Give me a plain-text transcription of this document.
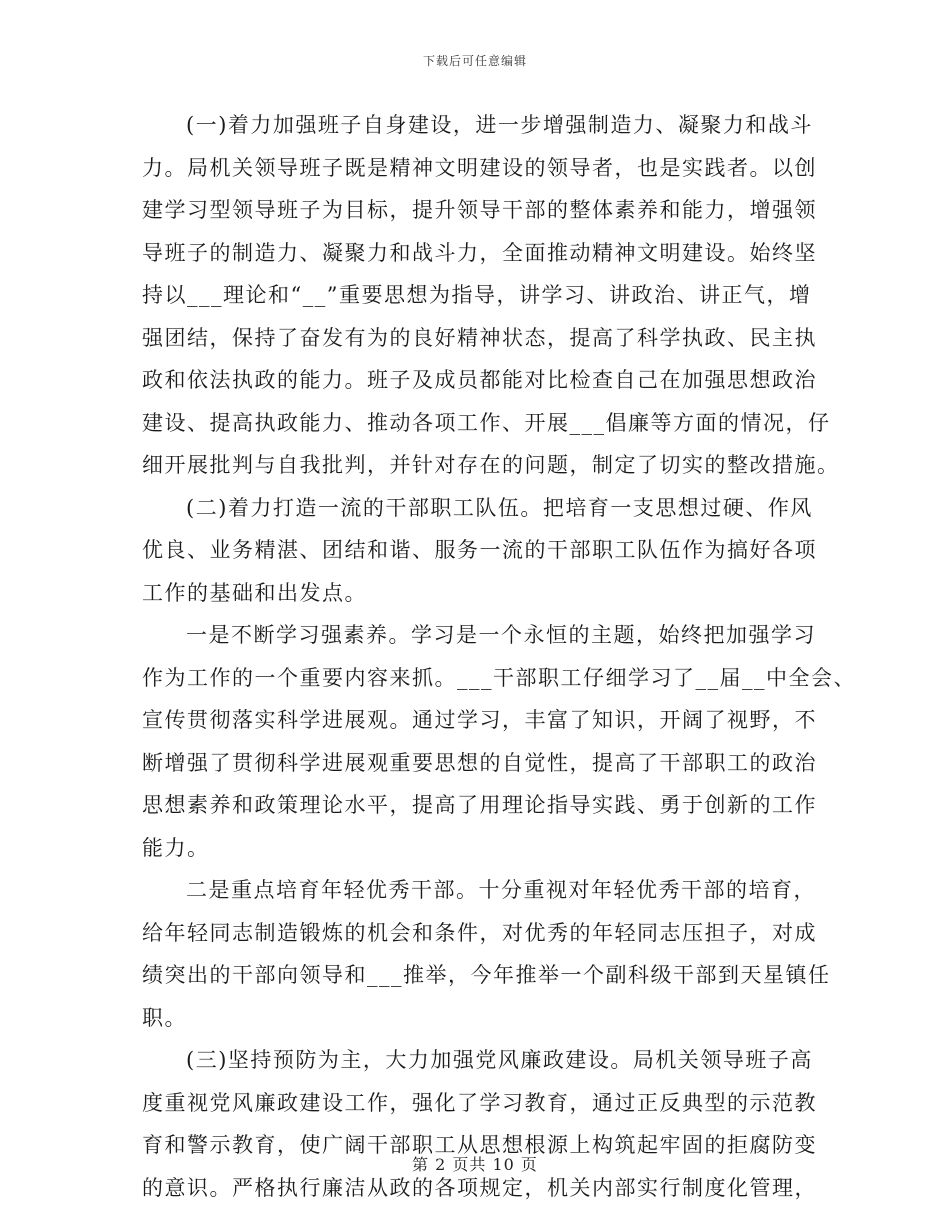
下载后可任意编辑
(一)着力加强班子自身建设，进一步增强制造力、凝聚力和战斗
力。局机关领导班子既是精神文明建设的领导者，也是实践者。以创
建学习型领导班子为目标，提升领导干部的整体素养和能力，增强领
导班子的制造力、凝聚力和战斗力，全面推动精神文明建设。始终坚
持以___理论和“__”重要思想为指导，讲学习、讲政治、讲正气，增
强团结，保持了奋发有为的良好精神状态，提高了科学执政、民主执
政和依法执政的能力。班子及成员都能对比检查自己在加强思想政治
建设、提高执政能力、推动各项工作、开展___倡廉等方面的情况，仔
细开展批判与自我批判，并针对存在的问题，制定了切实的整改措施。
(二)着力打造一流的干部职工队伍。把培育一支思想过硬、作风
优良、业务精湛、团结和谐、服务一流的干部职工队伍作为搞好各项
工作的基础和出发点。
一是不断学习强素养。学习是一个永恒的主题，始终把加强学习
作为工作的一个重要内容来抓。___干部职工仔细学习了__届__中全会、
宣传贯彻落实科学进展观。通过学习，丰富了知识，开阔了视野，不
断增强了贯彻科学进展观重要思想的自觉性，提高了干部职工的政治
思想素养和政策理论水平，提高了用理论指导实践、勇于创新的工作
能力。
二是重点培育年轻优秀干部。十分重视对年轻优秀干部的培育，
给年轻同志制造锻炼的机会和条件，对优秀的年轻同志压担子，对成
绩突出的干部向领导和___推举，今年推举一个副科级干部到天星镇任
职。
(三)坚持预防为主，大力加强党风廉政建设。局机关领导班子高
度重视党风廉政建设工作，强化了学习教育，通过正反典型的示范教
育和警示教育，使广阔干部职工从思想根源上构筑起牢固的拒腐防变
的意识。严格执行廉洁从政的各项规定，机关内部实行制度化管理，
第 2 页共 10 页
